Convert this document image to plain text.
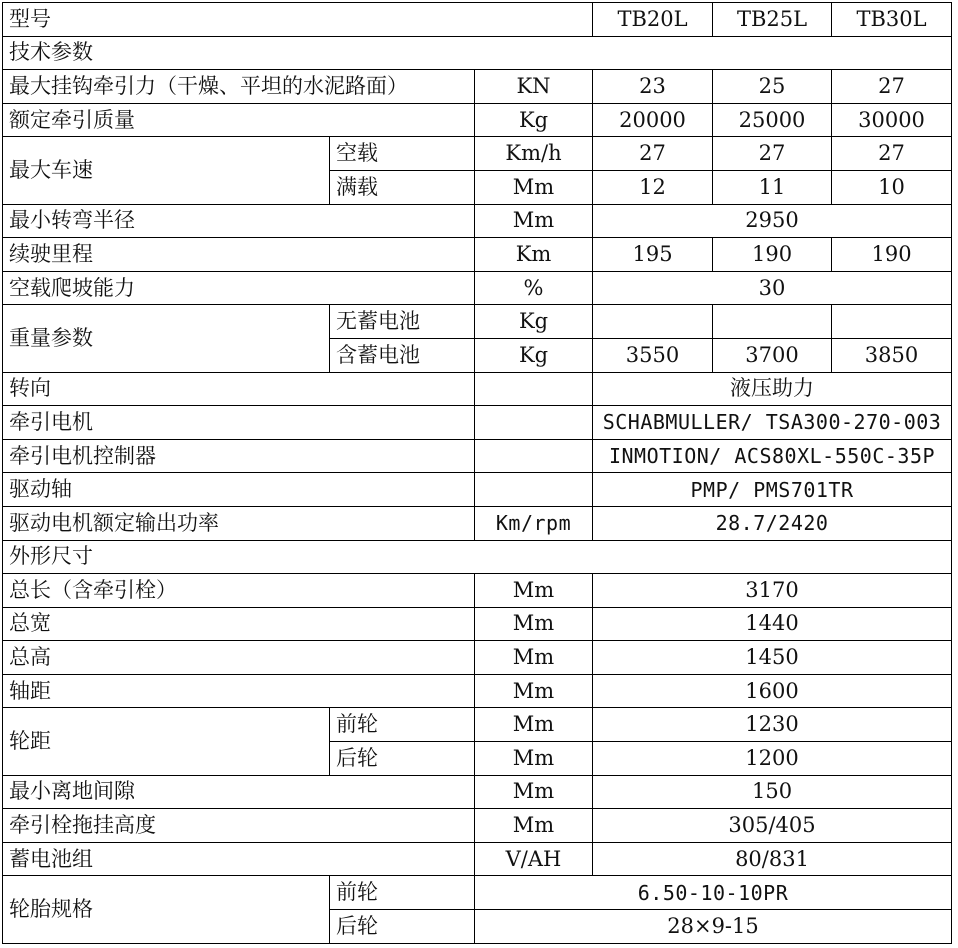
型号			TB20L	TB25L	TB30L
技术参数					
最大挂钩牵引力（干燥、平坦的水泥路面）		KN	23	25	27
额定牵引质量		Kg	20000	25000	30000
最大车速	空载	Km/h	27	27	27
	满载	Mm	12	11	10
最小转弯半径		Mm	2950		
续驶里程		Km	195	190	190
空载爬坡能力		%	30		
重量参数	无蓄电池	Kg			
	含蓄电池	Kg	3550	3700	3850
转向			液压助力		
牵引电机			SCHABMULLER/ TSA300-270-003		
牵引电机控制器			INMOTION/ ACS80XL-550C-35P		
驱动轴			PMP/ PMS701TR		
驱动电机额定输出功率		Km/rpm	28.7/2420		
外形尺寸					
总长（含牵引栓）		Mm	3170		
总宽		Mm	1440		
总高		Mm	1450		
轴距		Mm	1600		
轮距	前轮	Mm	1230		
	后轮	Mm	1200		
最小离地间隙		Mm	150		
牵引栓拖挂高度		Mm	305/405		
蓄电池组		V/AH	80/831		
轮胎规格	前轮	6.50-10-10PR			
	后轮	28×9-15			
